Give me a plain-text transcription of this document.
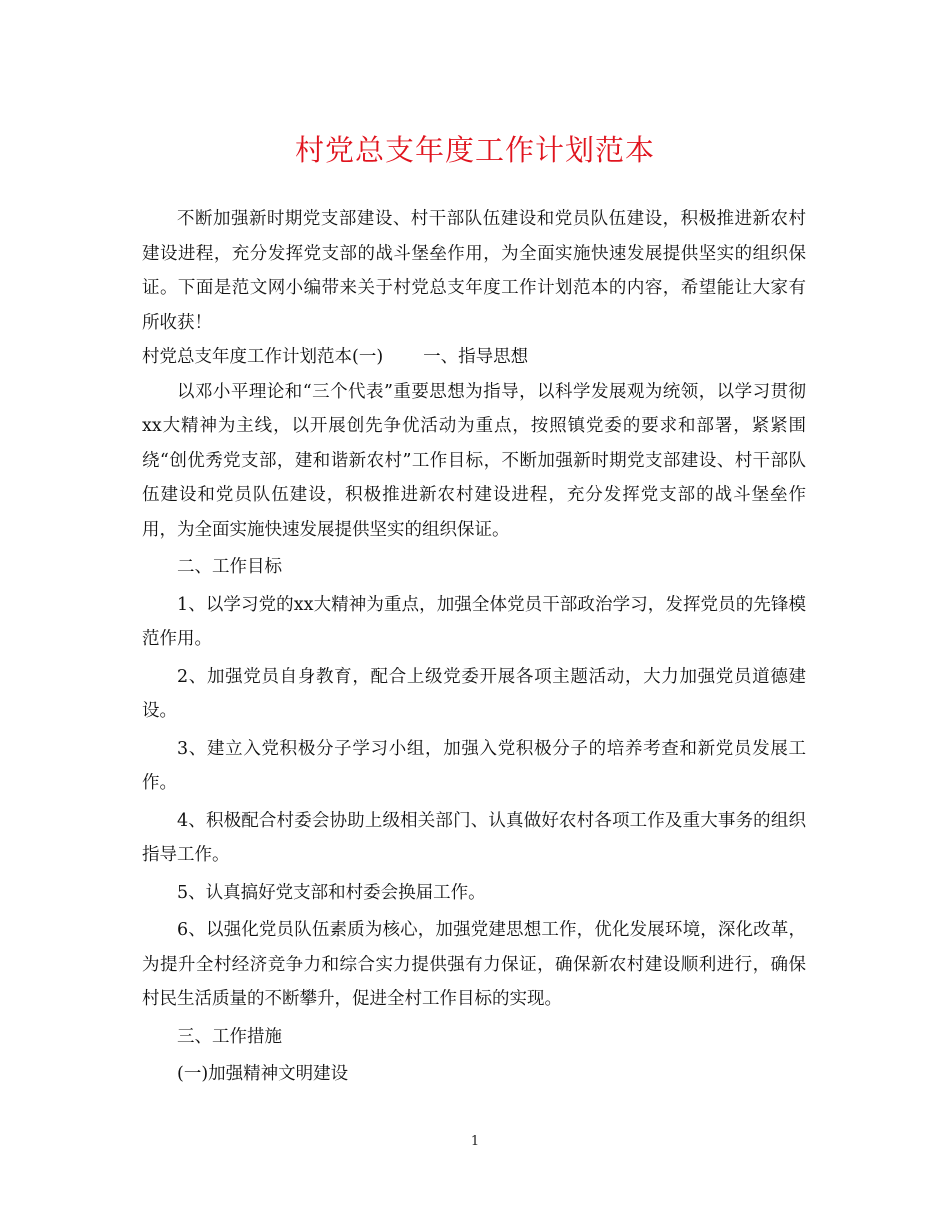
村党总支年度工作计划范本

不断加强新时期党支部建设、村干部队伍建设和党员队伍建设，积极推进新农村建设进程，充分发挥党支部的战斗堡垒作用，为全面实施快速发展提供坚实的组织保证。下面是范文网小编带来关于村党总支年度工作计划范本的内容，希望能让大家有所收获！

村党总支年度工作计划范本(一) 一、指导思想

以邓小平理论和“三个代表”重要思想为指导，以科学发展观为统领，以学习贯彻xx大精神为主线，以开展创先争优活动为重点，按照镇党委的要求和部署，紧紧围绕“创优秀党支部，建和谐新农村”工作目标，不断加强新时期党支部建设、村干部队伍建设和党员队伍建设，积极推进新农村建设进程，充分发挥党支部的战斗堡垒作用，为全面实施快速发展提供坚实的组织保证。

二、工作目标

1、以学习党的xx大精神为重点，加强全体党员干部政治学习，发挥党员的先锋模范作用。

2、加强党员自身教育，配合上级党委开展各项主题活动，大力加强党员道德建设。

3、建立入党积极分子学习小组，加强入党积极分子的培养考查和新党员发展工作。

4、积极配合村委会协助上级相关部门、认真做好农村各项工作及重大事务的组织指导工作。

5、认真搞好党支部和村委会换届工作。

6、以强化党员队伍素质为核心，加强党建思想工作，优化发展环境，深化改革，为提升全村经济竞争力和综合实力提供强有力保证，确保新农村建设顺利进行，确保村民生活质量的不断攀升，促进全村工作目标的实现。

三、工作措施

(一)加强精神文明建设

1
